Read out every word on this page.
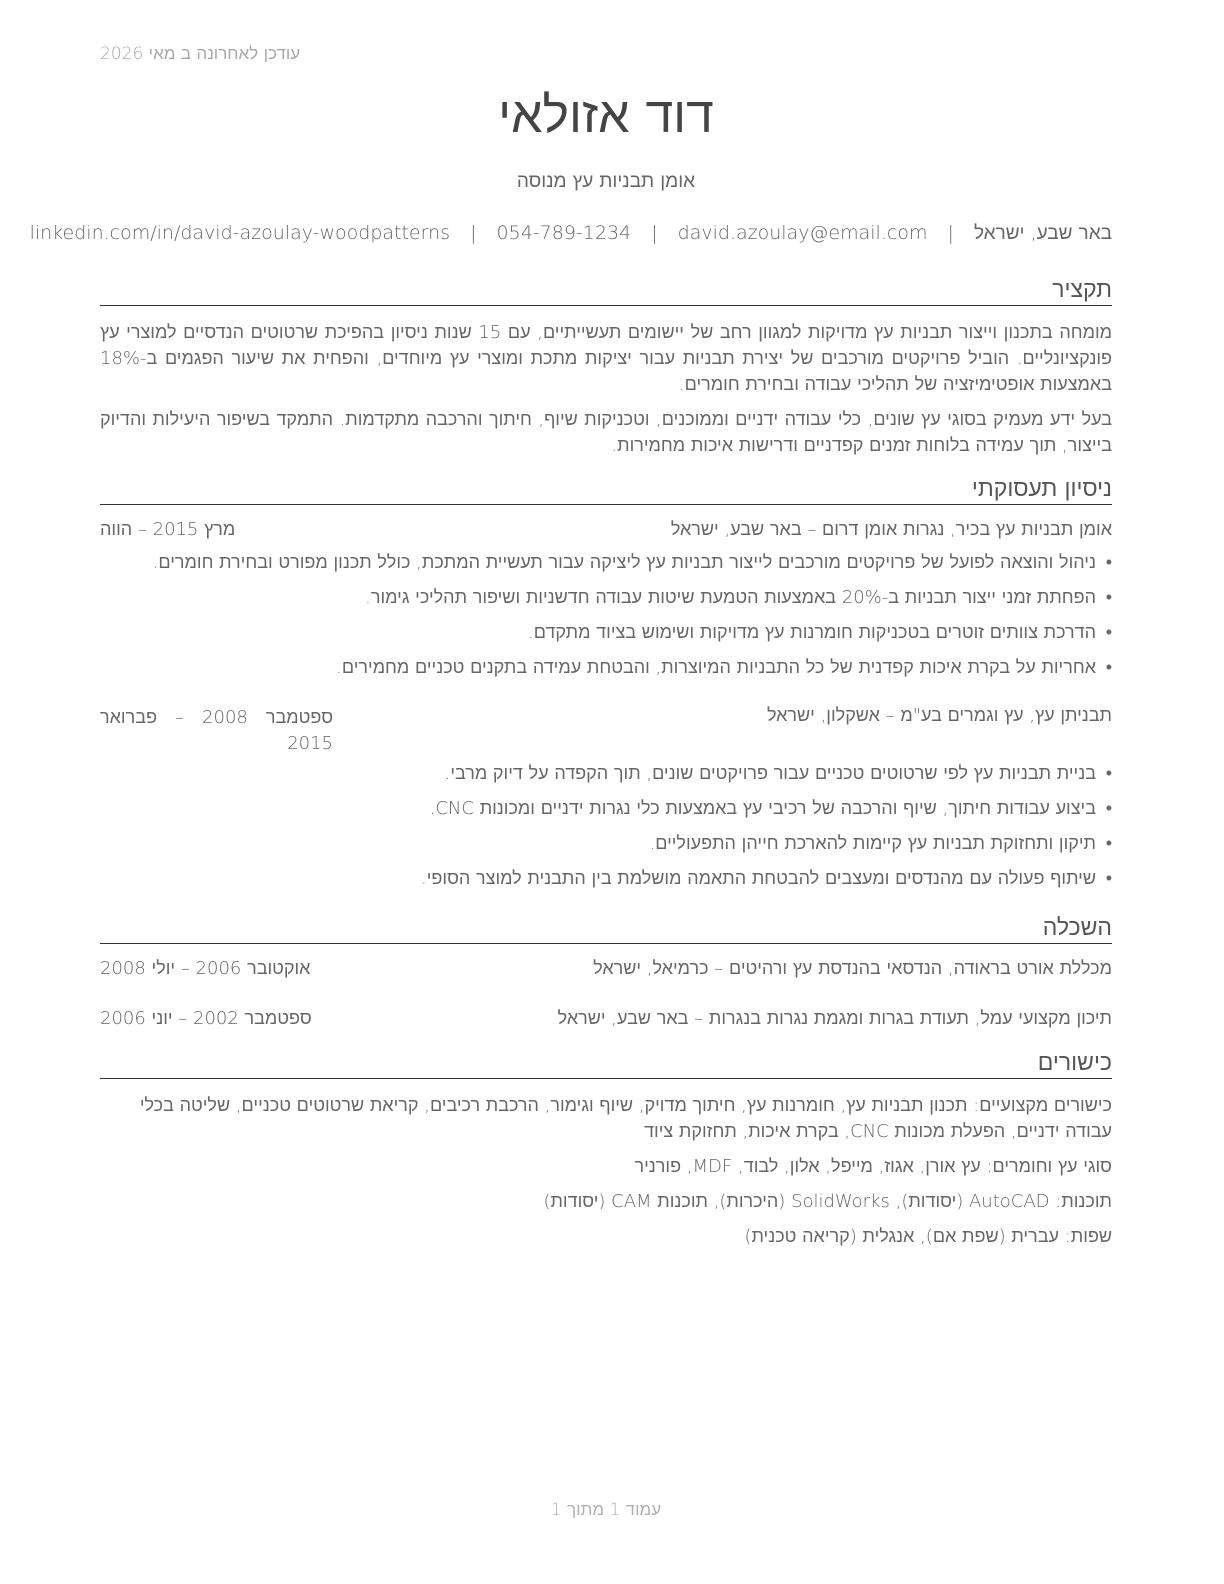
עודכן לאחרונה ב מאי 2026
דוד אזולאי
אומן תבניות עץ מנוסה
באר שבע, ישראל | david.azoulay@email.com | 054-789-1234 | linkedin.com/in/david-azoulay-woodpatterns
תקציר

מומחה בתכנון וייצור תבניות עץ מדויקות למגוון רחב של יישומים תעשייתיים, עם 15 שנות ניסיון בהפיכת שרטוטים הנדסיים למוצרי עץ פונקציונליים. הוביל פרויקטים מורכבים של יצירת תבניות עבור יציקות מתכת ומוצרי עץ מיוחדים, והפחית את שיעור הפגמים ב-18% באמצעות אופטימיזציה של תהליכי עבודה ובחירת חומרים.

בעל ידע מעמיק בסוגי עץ שונים, כלי עבודה ידניים וממוכנים, וטכניקות שיוף, חיתוך והרכבה מתקדמות. התמקד בשיפור היעילות והדיוק בייצור, תוך עמידה בלוחות זמנים קפדניים ודרישות איכות מחמירות.

ניסיון תעסוקתי
אומן תבניות עץ בכיר, נגרות אומן דרום – באר שבע, ישראל
מרץ 2015 – הווה
•
ניהול והוצאה לפועל של פרויקטים מורכבים לייצור תבניות עץ ליציקה עבור תעשיית המתכת, כולל תכנון מפורט ובחירת חומרים.
•
הפחתת זמני ייצור תבניות ב-20% באמצעות הטמעת שיטות עבודה חדשניות ושיפור תהליכי גימור.
•
הדרכת צוותים זוטרים בטכניקות חומרנות עץ מדויקות ושימוש בציוד מתקדם.
•
אחריות על בקרת איכות קפדנית של כל התבניות המיוצרות, והבטחת עמידה בתקנים טכניים מחמירים.
תבניתן עץ, עץ וגמרים בע"מ – אשקלון, ישראל
ספטמבר 2008 – פברואר 2015
•
בניית תבניות עץ לפי שרטוטים טכניים עבור פרויקטים שונים, תוך הקפדה על דיוק מרבי.
•
ביצוע עבודות חיתוך, שיוף והרכבה של רכיבי עץ באמצעות כלי נגרות ידניים ומכונות CNC.
•
תיקון ותחזוקת תבניות עץ קיימות להארכת חייהן התפעוליים.
•
שיתוף פעולה עם מהנדסים ומעצבים להבטחת התאמה מושלמת בין התבנית למוצר הסופי.
השכלה
מכללת אורט בראודה, הנדסאי בהנדסת עץ ורהיטים – כרמיאל, ישראל
אוקטובר 2006 – יולי 2008
תיכון מקצועי עמל, תעודת בגרות ומגמת נגרות בנגרות – באר שבע, ישראל
ספטמבר 2002 – יוני 2006
כישורים
כישורים מקצועיים: תכנון תבניות עץ, חומרנות עץ, חיתוך מדויק, שיוף וגימור, הרכבת רכיבים, קריאת שרטוטים טכניים, שליטה בכלי עבודה ידניים, הפעלת מכונות CNC, בקרת איכות, תחזוקת ציוד
סוגי עץ וחומרים: עץ אורן, אגוז, מייפל, אלון, לבוד, MDF, פורניר
תוכנות: AutoCAD (יסודות), SolidWorks (היכרות), תוכנות CAM (יסודות)
שפות: עברית (שפת אם), אנגלית (קריאה טכנית)
עמוד 1 מתוך 1
